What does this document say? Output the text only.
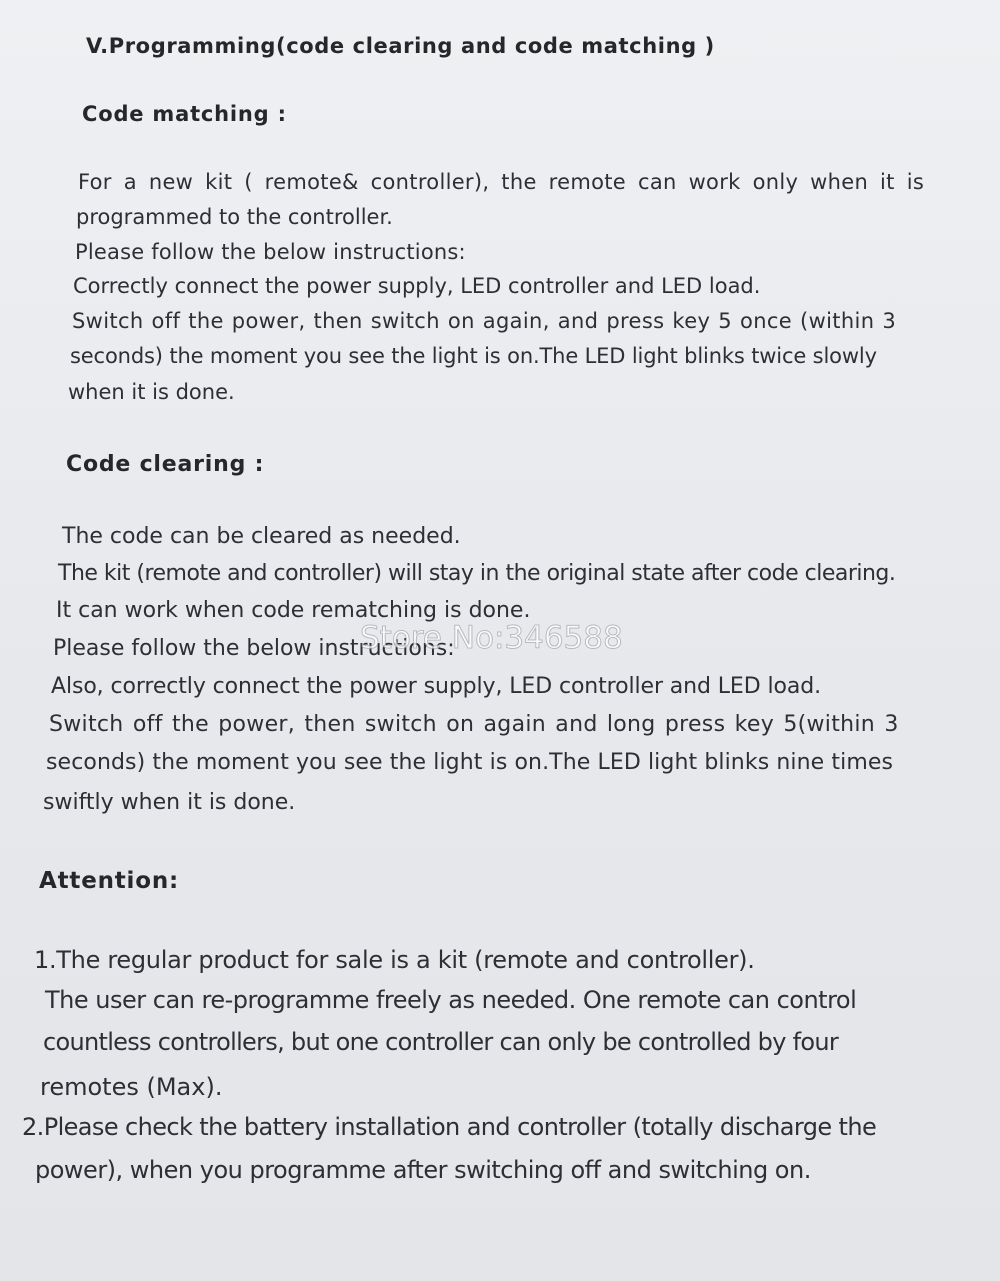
V.Programming(code clearing and code matching )
Code matching :
For a new kit ( remote& controller), the remote can work only when it is
programmed to the controller.
Please follow the below instructions:
Correctly connect the power supply, LED controller and LED load.
Switch off the power, then switch on again, and press key 5 once (within 3
seconds) the moment you see the light is on.The LED light blinks twice slowly
when it is done.
Code clearing :
The code can be cleared as needed.
The kit (remote and controller) will stay in the original state after code clearing.
It can work when code rematching is done.
Please follow the below instructions:
Also, correctly connect the power supply, LED controller and LED load.
Switch off the power, then switch on again and long press key 5(within 3
seconds) the moment you see the light is on.The LED light blinks nine times
swiftly when it is done.
Store No:346588
Attention:
1.The regular product for sale is a kit (remote and controller).
The user can re-programme freely as needed. One remote can control
countless controllers, but one controller can only be controlled by four
remotes (Max).
2.Please check the battery installation and controller (totally discharge the
power), when you programme after switching off and switching on.
